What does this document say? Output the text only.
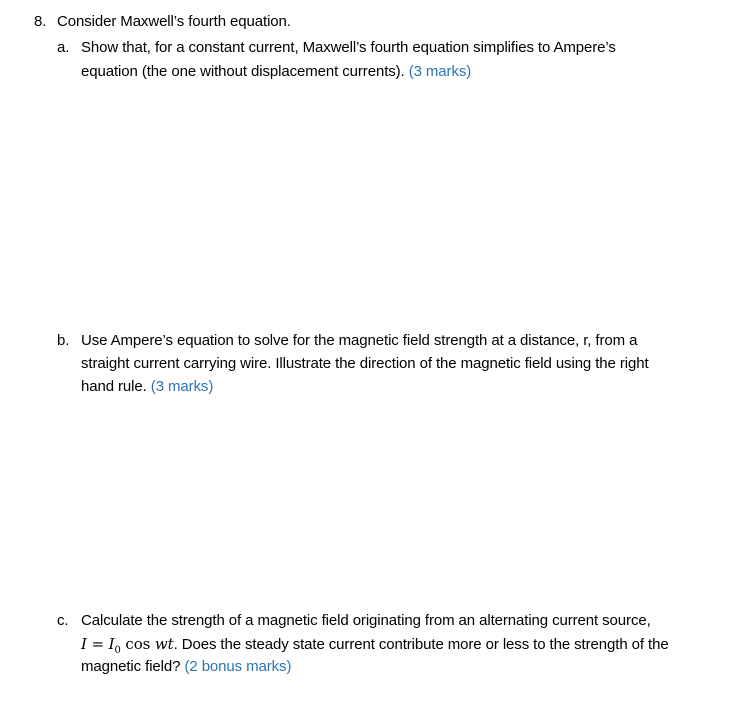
8. Consider Maxwell’s fourth equation.
a. Show that, for a constant current, Maxwell’s fourth equation simplifies to Ampere’s
equation (the one without displacement currents). (3 marks)
b. Use Ampere’s equation to solve for the magnetic field strength at a distance, r, from a
straight current carrying wire. Illustrate the direction of the magnetic field using the right
hand rule. (3 marks)
c. Calculate the strength of a magnetic field originating from an alternating current source,
$I = I_0$ cos wt. Does the steady state current contribute more or less to the strength of the
magnetic field? (2 bonus marks)
